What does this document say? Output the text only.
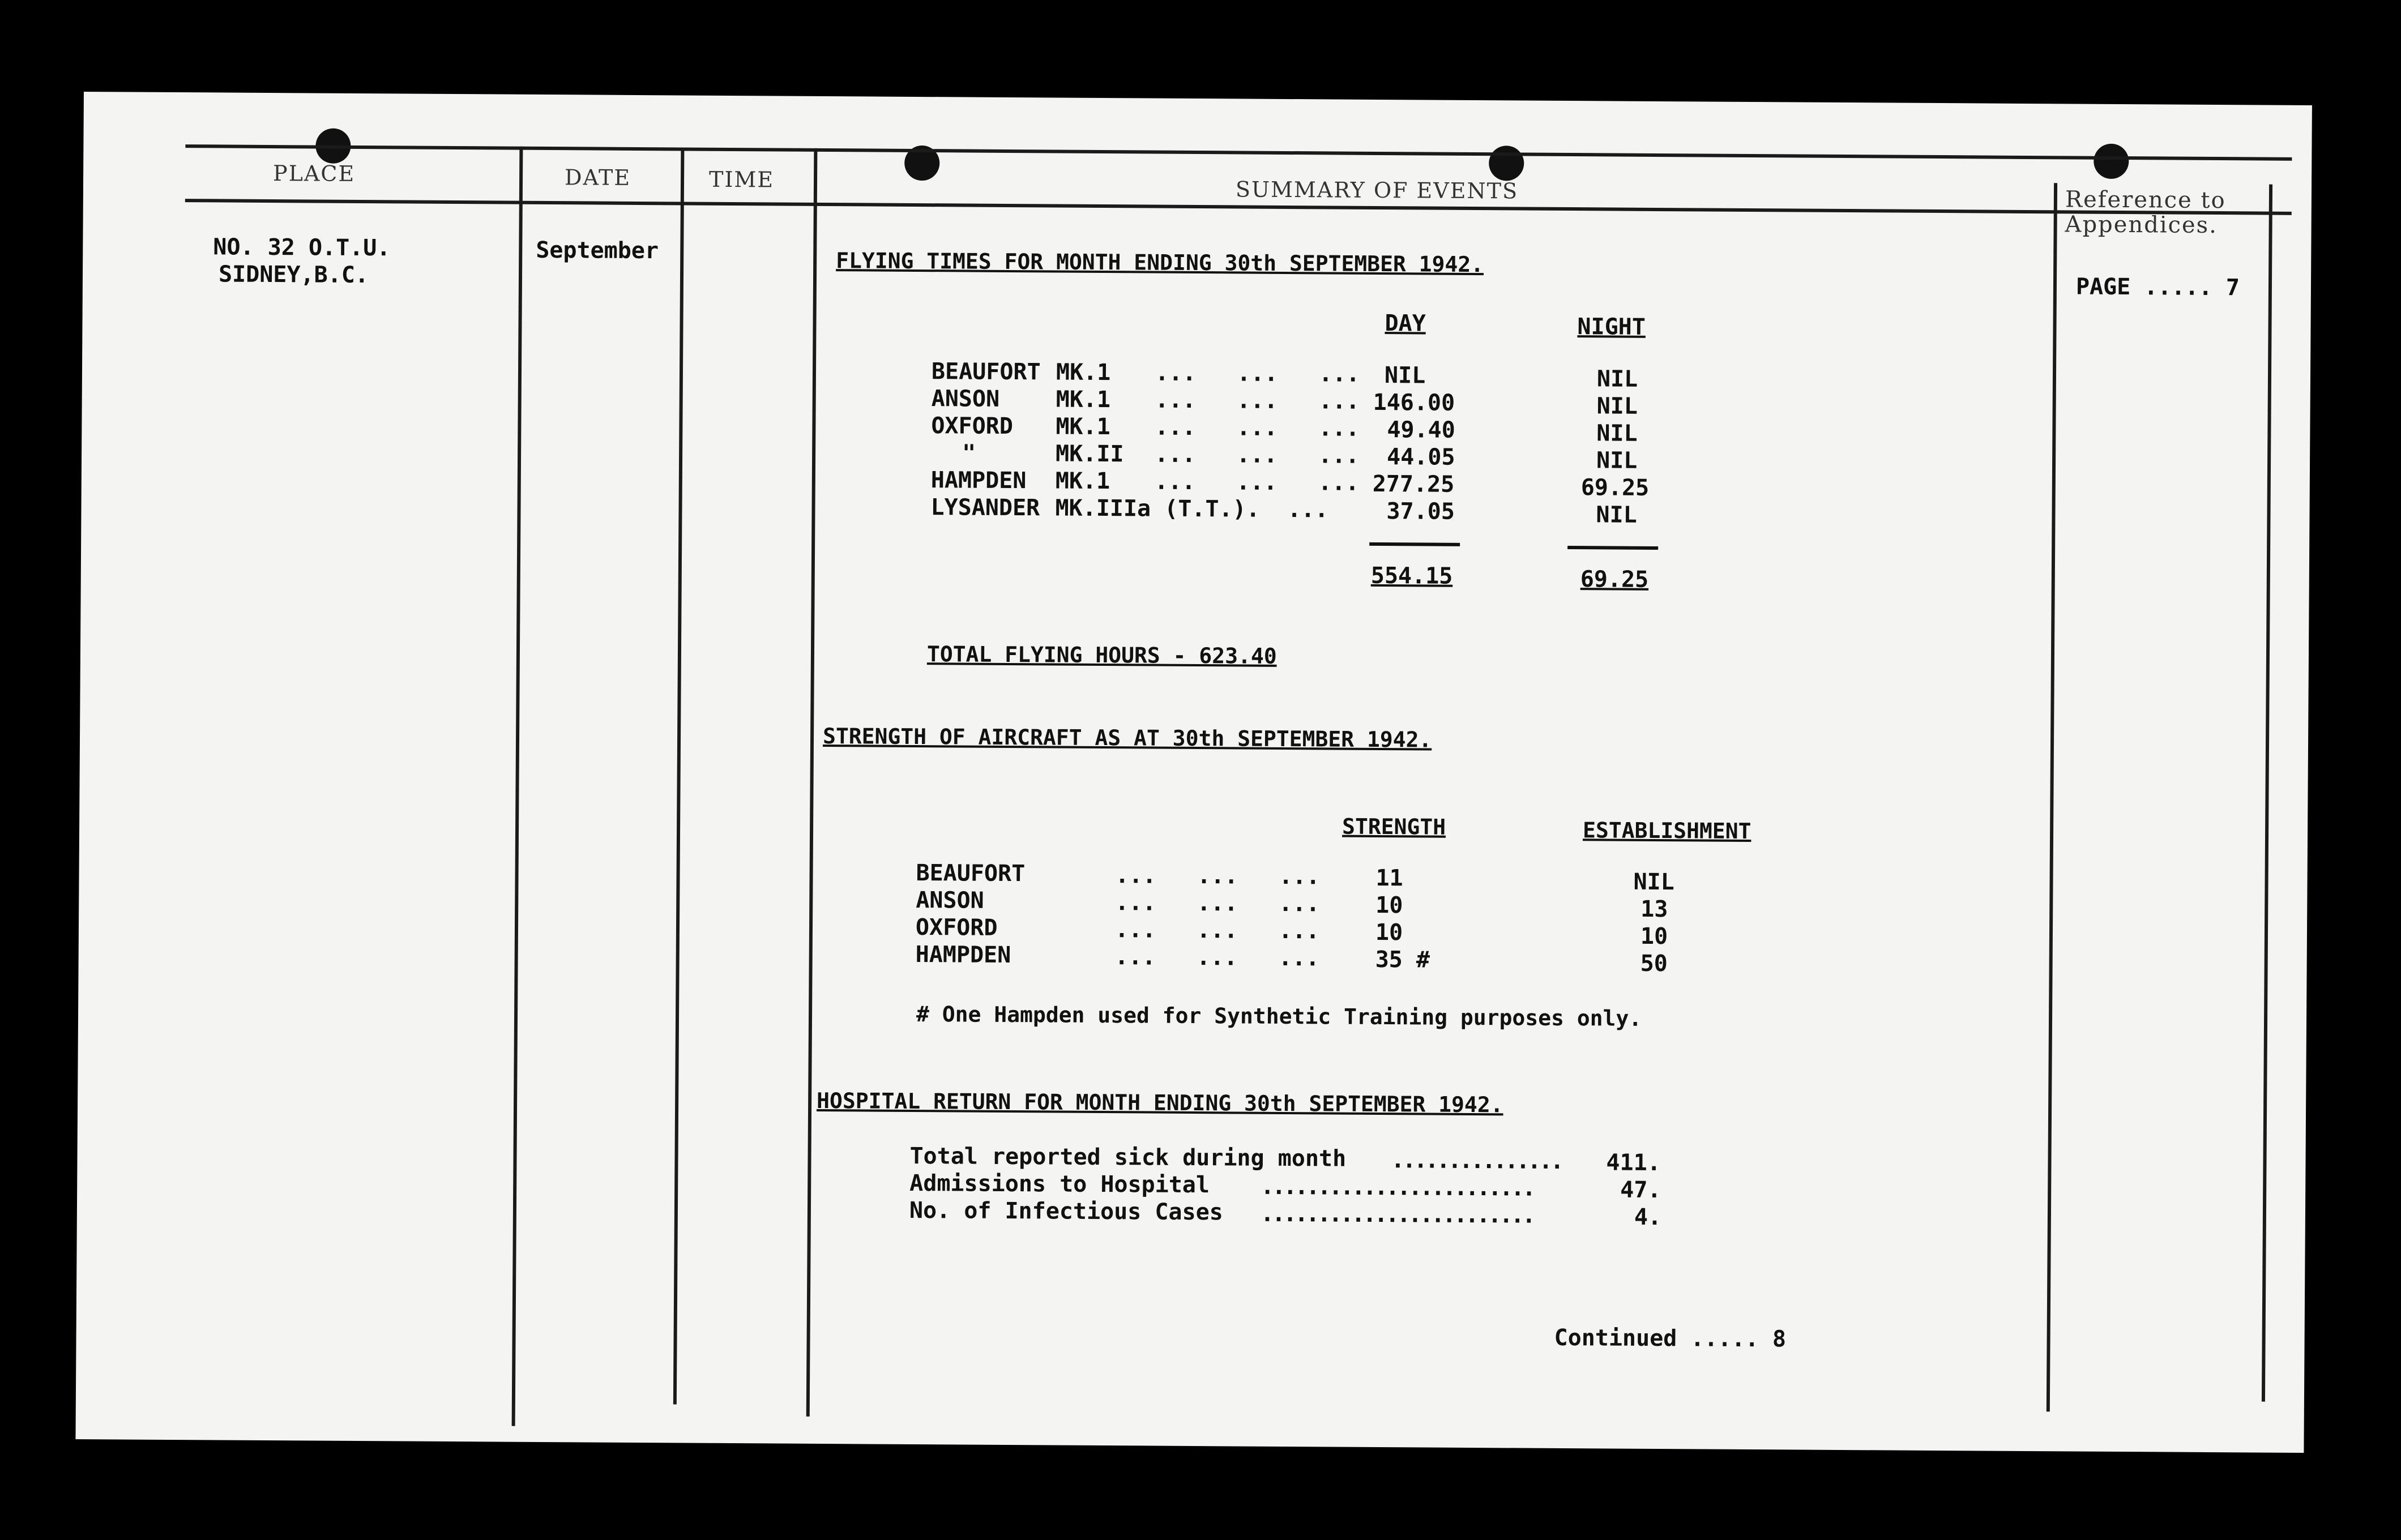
PLACE	DATE	TIME	SUMMARY OF EVENTS	Reference to
Appendices.
NO. 32 O.T.U.
SIDNEY,B.C.
September
PAGE ..... 7
FLYING TIMES FOR MONTH ENDING 30th SEPTEMBER 1942.
DAY	NIGHT
BEAUFORT MK.1 ...   ...   ... NIL	NIL
ANSON MK.1 ...   ...   ... 146.00	NIL
OXFORD MK.1 ...   ...   ... 49.40	NIL
"	MK.II ...   ...   ... 44.05	NIL
HAMPDEN MK.1 ...   ...   ... 277.25	69.25
LYSANDER MK.IIIa (T.T.). ...	37.05	NIL
554.15	69.25
TOTAL FLYING HOURS - 623.40
STRENGTH OF AIRCRAFT AS AT 30th SEPTEMBER 1942.
STRENGTH	ESTABLISHMENT
BEAUFORT	...   ...   ... 11	NIL
ANSON	...   ...   ... 10	13
OXFORD	...   ...   ... 10	10
HAMPDEN	...   ...   ... 35 #	50
# One Hampden used for Synthetic Training purposes only.
HOSPITAL RETURN FOR MONTH ENDING 30th SEPTEMBER 1942.
Total reported sick during month ............... 411.
Admissions to Hospital ........................	47.
No. of Infectious Cases ........................	4.
Continued ..... 8
